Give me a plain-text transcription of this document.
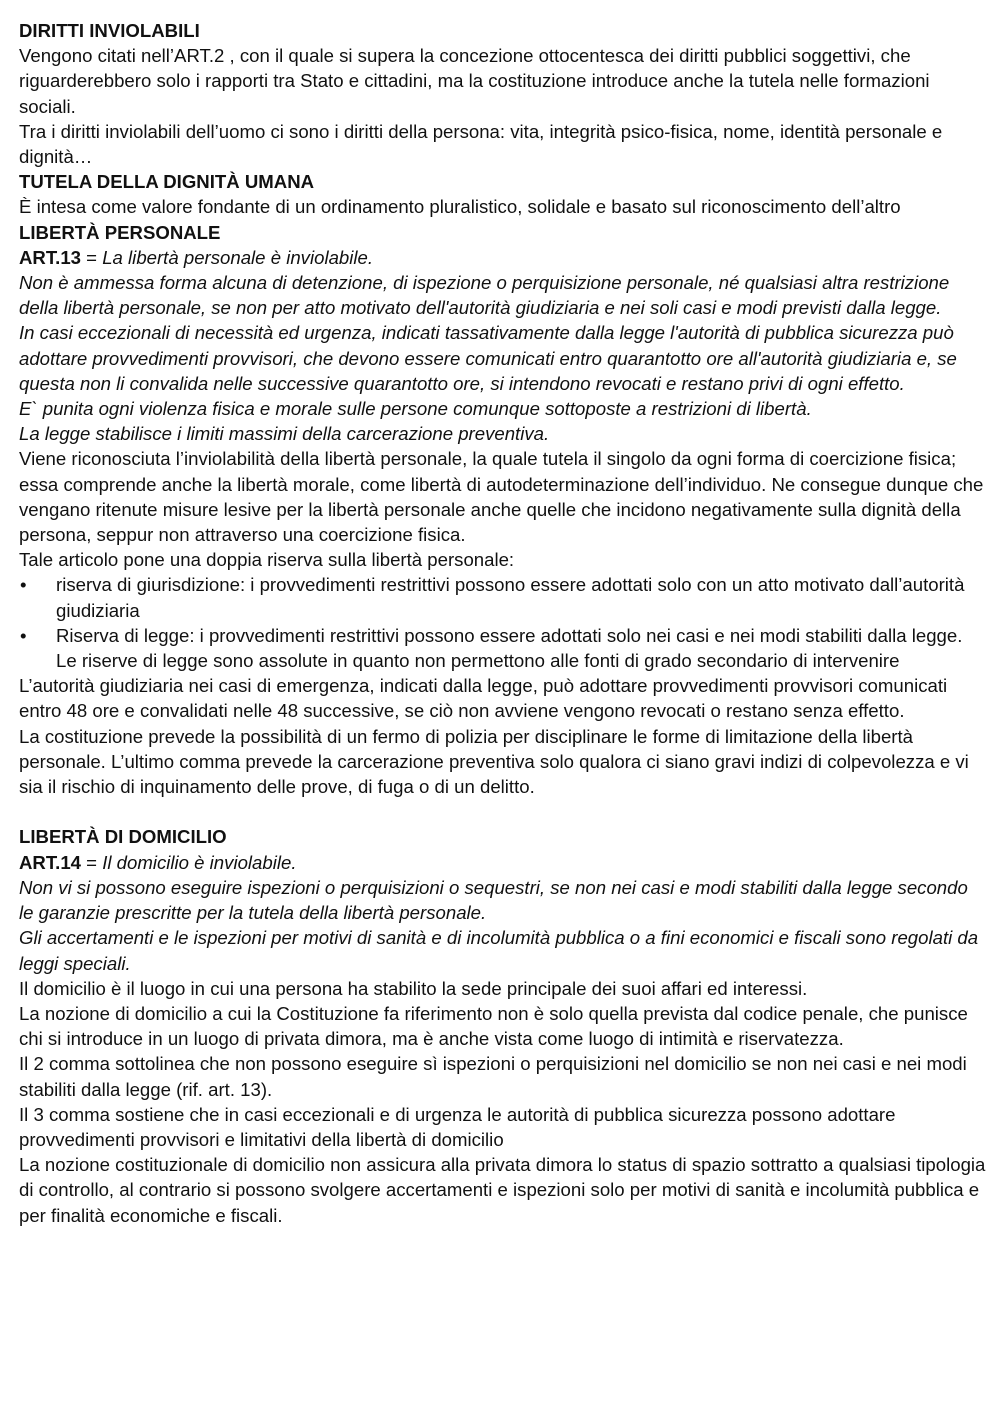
DIRITTI INVIOLABILI

Vengono citati nell’ART.2 , con il quale si supera la concezione ottocentesca dei diritti pubblici soggettivi, che riguarderebbero solo i rapporti tra Stato e cittadini, ma la costituzione introduce anche la tutela nelle formazioni sociali.

Tra i diritti inviolabili dell’uomo ci sono i diritti della persona: vita, integrità psico-fisica, nome, identità personale e dignità…

TUTELA DELLA DIGNITÀ UMANA

È intesa come valore fondante di un ordinamento pluralistico, solidale e basato sul riconoscimento dell’altro

LIBERTÀ PERSONALE

ART.13 = La libertà personale è inviolabile.

Non è ammessa forma alcuna di detenzione, di ispezione o perquisizione personale, né qualsiasi altra restrizione della libertà personale, se non per atto motivato dell'autorità giudiziaria e nei soli casi e modi previsti dalla legge.

In casi eccezionali di necessità ed urgenza, indicati tassativamente dalla legge l'autorità di pubblica sicurezza può adottare provvedimenti provvisori, che devono essere comunicati entro quarantotto ore all'autorità giudiziaria e, se questa non li convalida nelle successive quarantotto ore, si intendono revocati e restano privi di ogni effetto.

E` punita ogni violenza fisica e morale sulle persone comunque sottoposte a restrizioni di libertà.

La legge stabilisce i limiti massimi della carcerazione preventiva.

Viene riconosciuta l’inviolabilità della libertà personale, la quale tutela il singolo da ogni forma di coercizione fisica; essa comprende anche la libertà morale, come libertà di autodeterminazione dell’individuo. Ne consegue dunque che vengano ritenute misure lesive per la libertà personale anche quelle che incidono negativamente sulla dignità della persona, seppur non attraverso una coercizione fisica.

Tale articolo pone una doppia riserva sulla libertà personale:

• riserva di giurisdizione: i provvedimenti restrittivi possono essere adottati solo con un atto motivato dall’autorità giudiziaria
• Riserva di legge: i provvedimenti restrittivi possono essere adottati solo nei casi e nei modi stabiliti dalla legge. Le riserve di legge sono assolute in quanto non permettono alle fonti di grado secondario di intervenire

L’autorità giudiziaria nei casi di emergenza, indicati dalla legge, può adottare provvedimenti provvisori comunicati entro 48 ore e convalidati nelle 48 successive, se ciò non avviene vengono revocati o restano senza effetto.

La costituzione prevede la possibilità di un fermo di polizia per disciplinare le forme di limitazione della libertà personale. L’ultimo comma prevede la carcerazione preventiva solo qualora ci siano gravi indizi di colpevolezza e vi sia il rischio di inquinamento delle prove, di fuga o di un delitto.

LIBERTÀ DI DOMICILIO

ART.14 = Il domicilio è inviolabile.

Non vi si possono eseguire ispezioni o perquisizioni o sequestri, se non nei casi e modi stabiliti dalla legge secondo le garanzie prescritte per la tutela della libertà personale.

Gli accertamenti e le ispezioni per motivi di sanità e di incolumità pubblica o a fini economici e fiscali sono regolati da leggi speciali.

Il domicilio è il luogo in cui una persona ha stabilito la sede principale dei suoi affari ed interessi.

La nozione di domicilio a cui la Costituzione fa riferimento non è solo quella prevista dal codice penale, che punisce chi si introduce in un luogo di privata dimora, ma è anche vista come luogo di intimità e riservatezza.

Il 2 comma sottolinea che non possono eseguire sì ispezioni o perquisizioni nel domicilio se non nei casi e nei modi stabiliti dalla legge (rif. art. 13).

Il 3 comma sostiene che in casi eccezionali e di urgenza le autorità di pubblica sicurezza possono adottare provvedimenti provvisori e limitativi della libertà di domicilio

La nozione costituzionale di domicilio non assicura alla privata dimora lo status di spazio sottratto a qualsiasi tipologia di controllo, al contrario si possono svolgere accertamenti e ispezioni solo per motivi di sanità e incolumità pubblica e per finalità economiche e fiscali.
